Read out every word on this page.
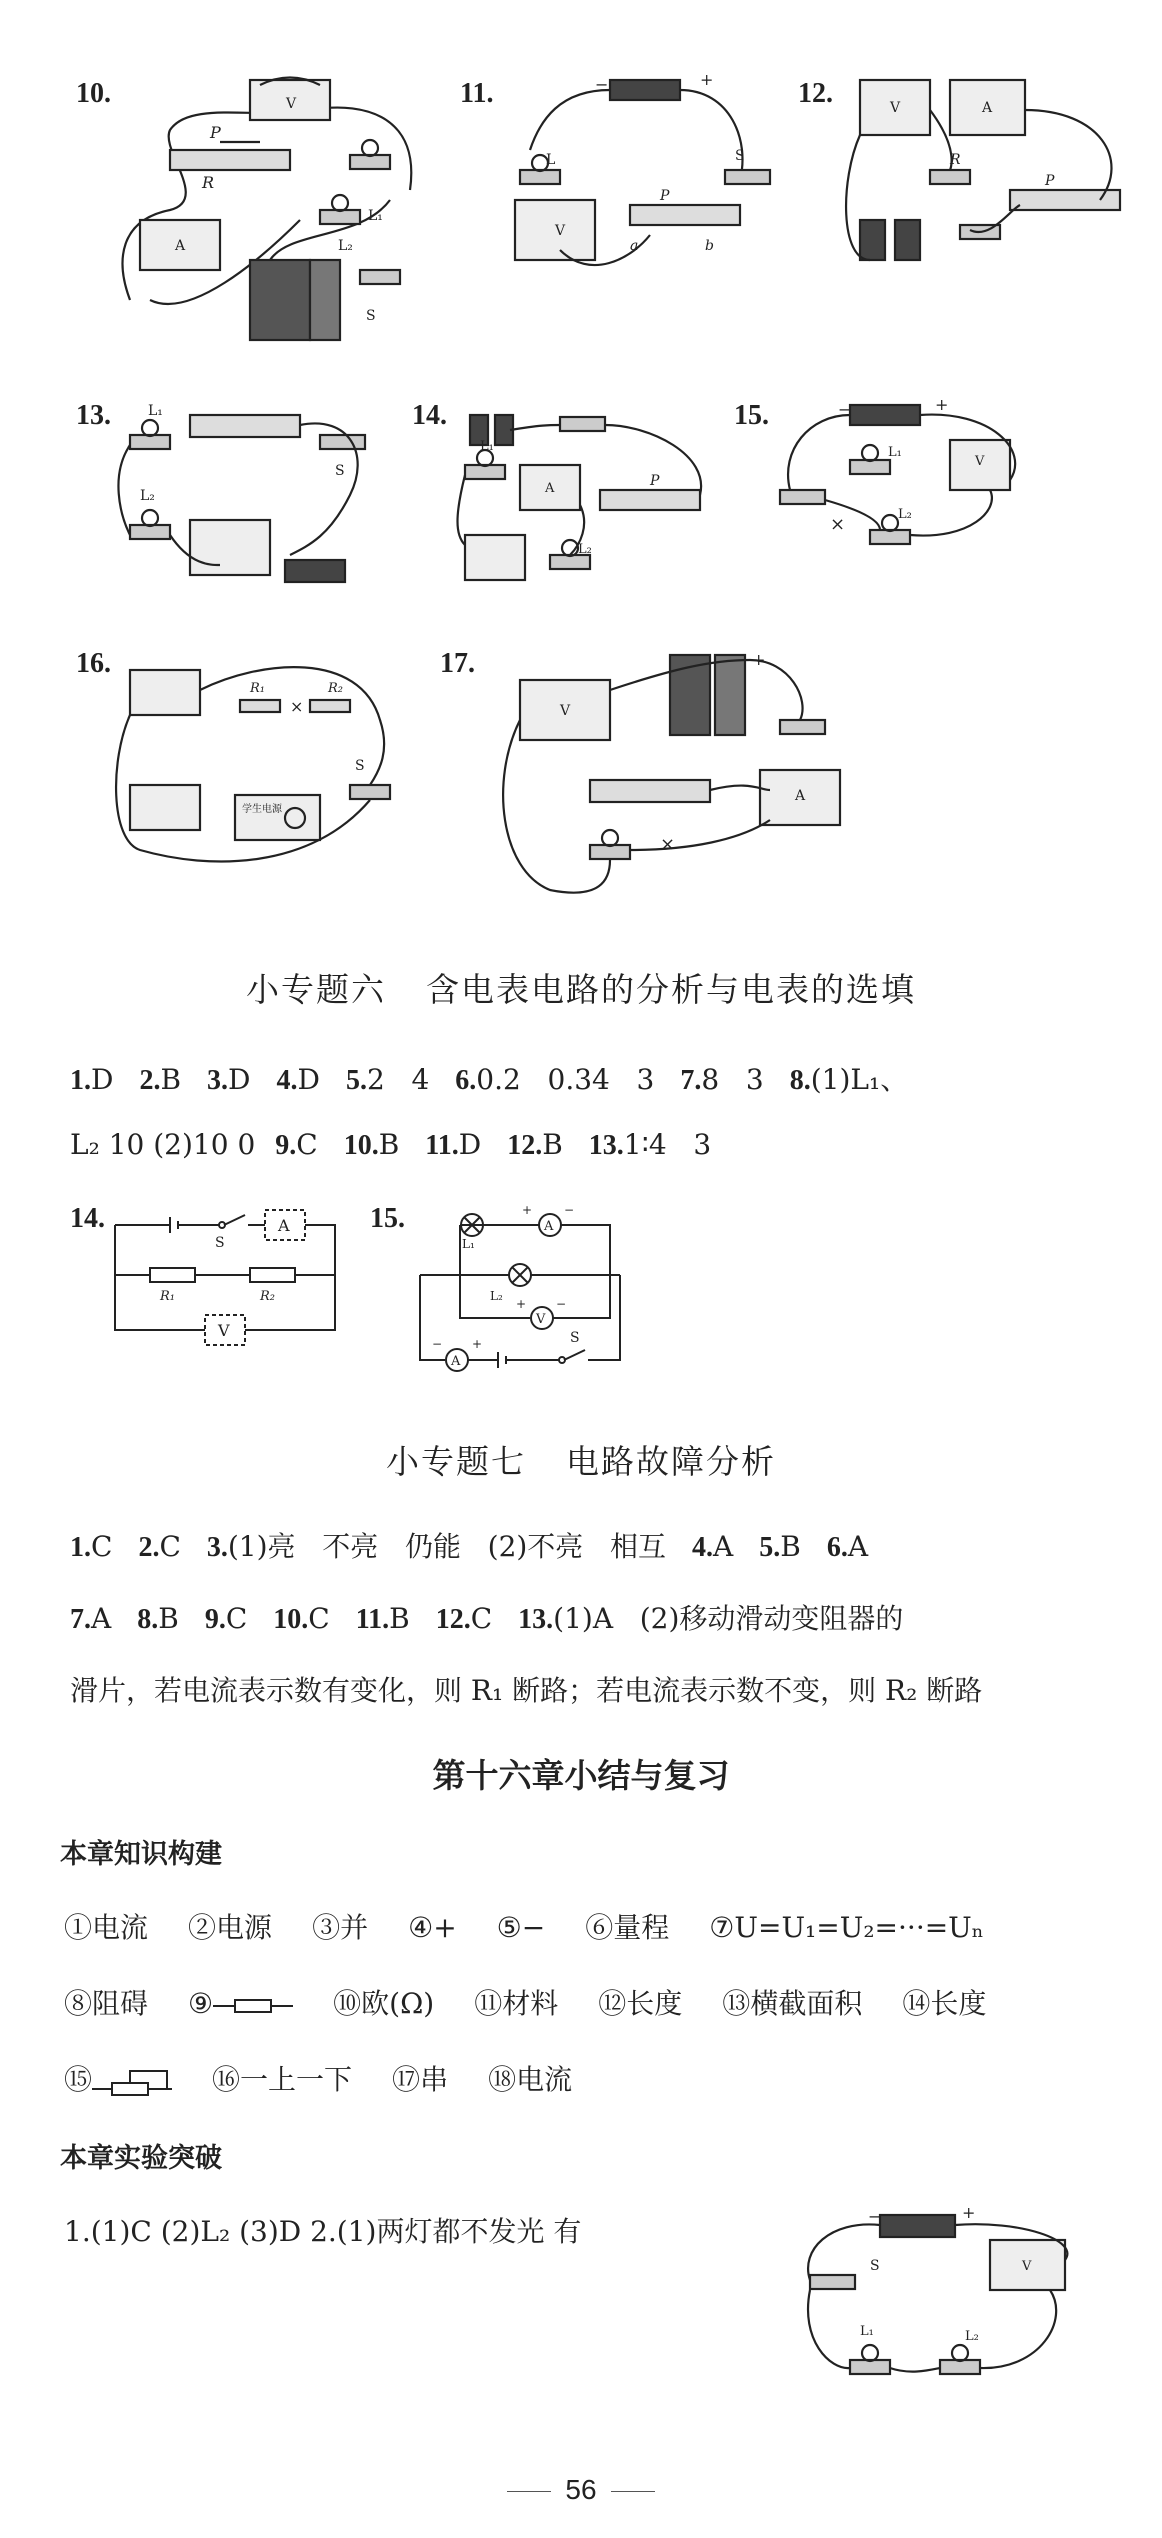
10.	V
P
R
L₁
L₂
A
S
11.	−	+
L
V
P
a	b
S
12.	V	A
R
P
13.	L₁
L₂
S
14.
L₁
A	P
L₂
15.	−	+
L₁
V
L₂
×
16.
R₁
×
R₂
学生电源
S
17.
V
+
A
×
小专题六 含电表电路的分析与电表的选填
1.D 2.B 3.D 4.D 5.2   4 6.0.2   0.34   3 7.8   3 8.(1)L₁、
L₂ 10 (2)10 0 9.C 10.B 11.D 12.B 13.1∶4   3
14.
S
A
R₁	R₂
V
15.	A
+	−
L₁
L₂
V
+ −
A
− +	S
小专题七 电路故障分析
1.C 2.C 3.(1)亮   不亮   仍能   (2)不亮   相互 4.A 5.B 6.A
7.A 8.B 9.C 10.C 11.B 12.C 13.(1)A   (2)移动滑动变阻器的
滑片，若电流表示数有变化，则 R₁ 断路；若电流表示数不变，则 R₂ 断路
第十六章小结与复习
本章知识构建
①电流 ②电源 ③并 ④+ ⑤− ⑥量程 ⑦U=U₁=U₂=···=Uₙ
⑧阻碍 ⑨	⑩欧(Ω) ⑪材料 ⑫长度 ⑬横截面积 ⑭长度
⑮	⑯一上一下 ⑰串 ⑱电流
本章实验突破
1.(1)C (2)L₂ (3)D 2.(1)两灯都不发光 有	−	+
V
S
L₁	L₂
56
